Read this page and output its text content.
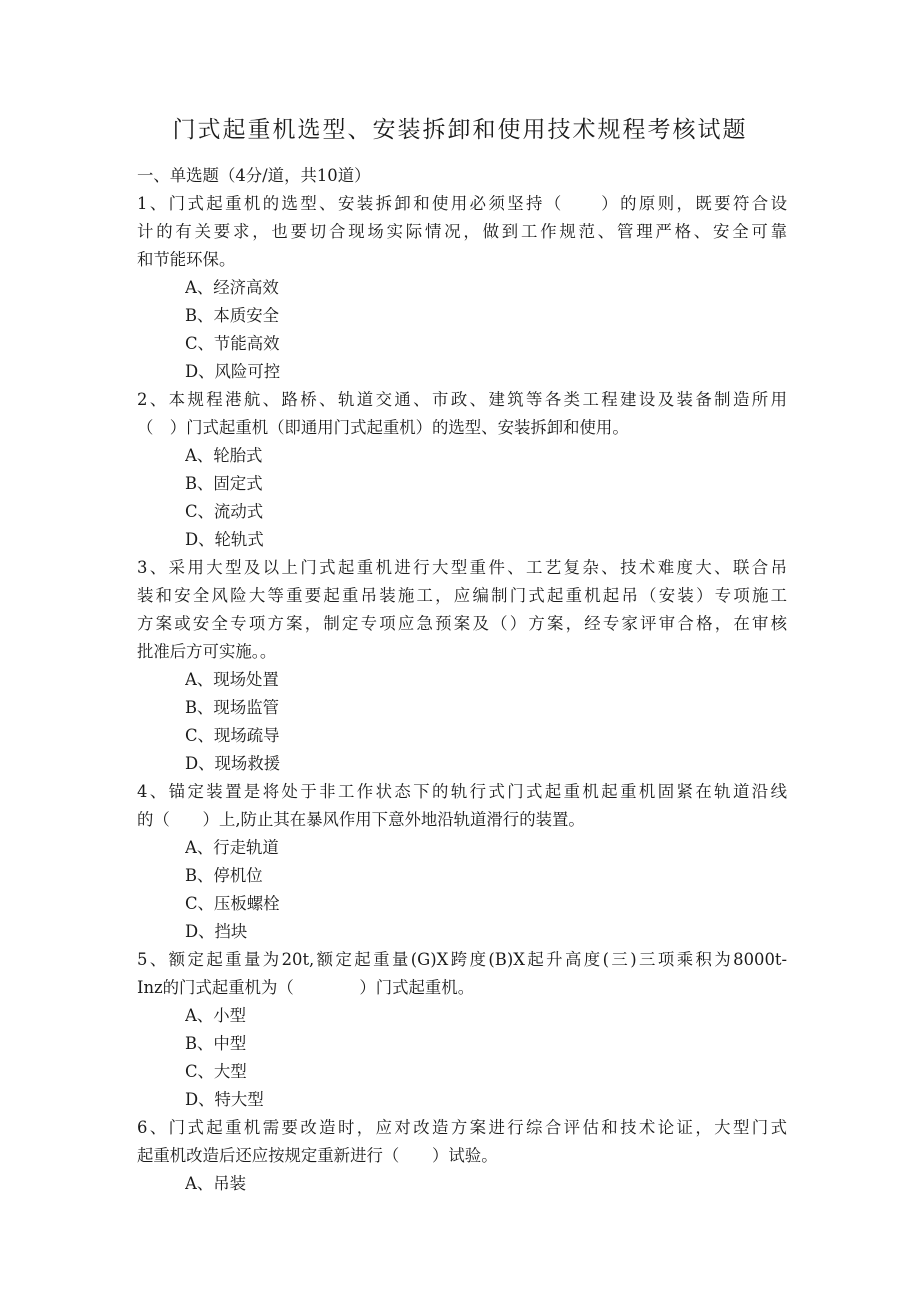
门式起重机选型、安装拆卸和使用技术规程考核试题
一、单选题（4分/道，共10道）
1、门式起重机的选型、安装拆卸和使用必须坚持（　　）的原则，既要符合设
计的有关要求，也要切合现场实际情况，做到工作规范、管理严格、安全可靠
和节能环保。
A、经济高效
B、本质安全
C、节能高效
D、风险可控
2、本规程港航、路桥、轨道交通、市政、建筑等各类工程建设及装备制造所用
（　）门式起重机（即通用门式起重机）的选型、安装拆卸和使用。
A、轮胎式
B、固定式
C、流动式
D、轮轨式
3、采用大型及以上门式起重机进行大型重件、工艺复杂、技术难度大、联合吊
装和安全风险大等重要起重吊装施工，应编制门式起重机起吊（安装）专项施工
方案或安全专项方案，制定专项应急预案及（）方案，经专家评审合格，在审核
批准后方可实施。。
A、现场处置
B、现场监管
C、现场疏导
D、现场救援
4、锚定装置是将处于非工作状态下的轨行式门式起重机起重机固紧在轨道沿线
的（　　）上,防止其在暴风作用下意外地沿轨道滑行的装置。
A、行走轨道
B、停机位
C、压板螺栓
D、挡块
5、额定起重量为20t,额定起重量(G)X跨度(B)X起升高度(三)三项乘积为8000t-
Inz的门式起重机为（　　　　）门式起重机。
A、小型
B、中型
C、大型
D、特大型
6、门式起重机需要改造时，应对改造方案进行综合评估和技术论证，大型门式
起重机改造后还应按规定重新进行（　　）试验。
A、吊装
